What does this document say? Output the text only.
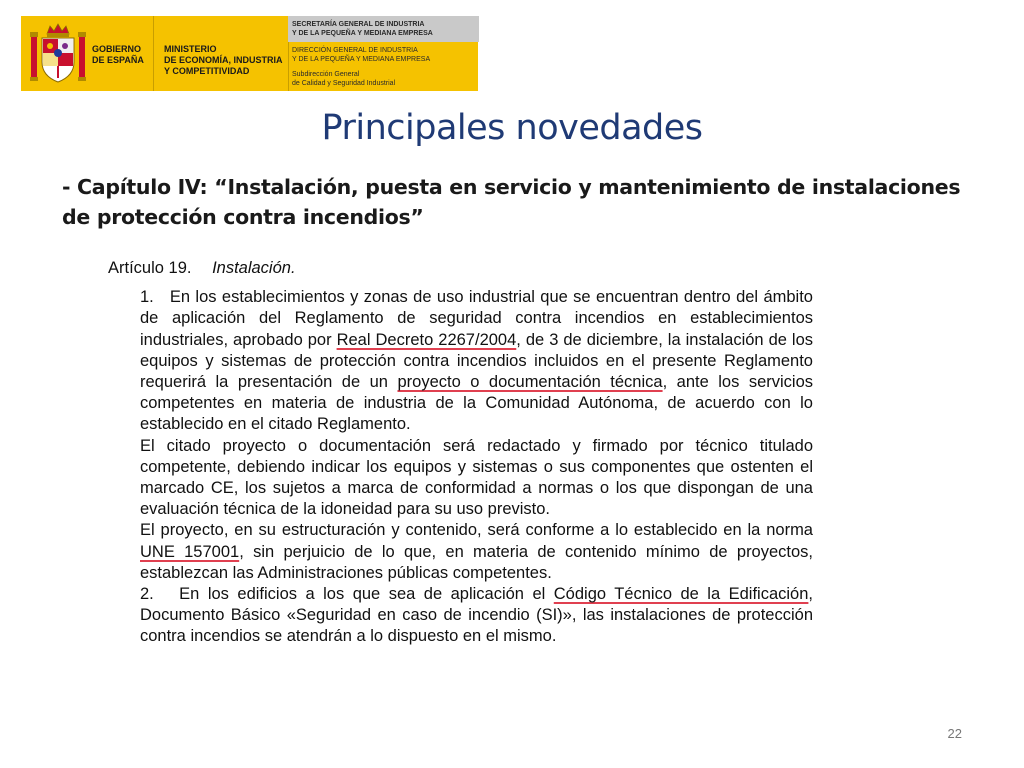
GOBIERNO
DE ESPAÑA
MINISTERIO
DE ECONOMÍA, INDUSTRIA
Y COMPETITIVIDAD
SECRETARÍA GENERAL DE INDUSTRIA
Y DE LA PEQUEÑA Y MEDIANA EMPRESA
DIRECCIÓN GENERAL DE INDUSTRIA
Y DE LA PEQUEÑA Y MEDIANA EMPRESA
Subdirección General
de Calidad y Seguridad Industrial
Principales novedades
- Capítulo IV: “Instalación, puesta en servicio y mantenimiento de instalaciones de protección contra incendios”

Artículo 19. Instalación.

1.   En los establecimientos y zonas de uso industrial que se encuentran dentro del ámbito de aplicación del Reglamento de seguridad contra incendios en establecimientos industriales, aprobado por Real Decreto 2267/2004, de 3 de diciembre, la instalación de los equipos y sistemas de protección contra incendios incluidos en el presente Reglamento requerirá la presentación de un proyecto o documentación técnica, ante los servicios competentes en materia de industria de la Comunidad Autónoma, de acuerdo con lo establecido en el citado Reglamento.

El citado proyecto o documentación será redactado y firmado por técnico titulado competente, debiendo indicar los equipos y sistemas o sus componentes que ostenten el marcado CE, los sujetos a marca de conformidad a normas o los que dispongan de una evaluación técnica de la idoneidad para su uso previsto.

El proyecto, en su estructuración y contenido, será conforme a lo establecido en la norma UNE 157001, sin perjuicio de lo que, en materia de contenido mínimo de proyectos, establezcan las Administraciones públicas competentes.

2.   En los edificios a los que sea de aplicación el Código Técnico de la Edificación, Documento Básico «Seguridad en caso de incendio (SI)», las instalaciones de protección contra incendios se atendrán a lo dispuesto en el mismo.

22
